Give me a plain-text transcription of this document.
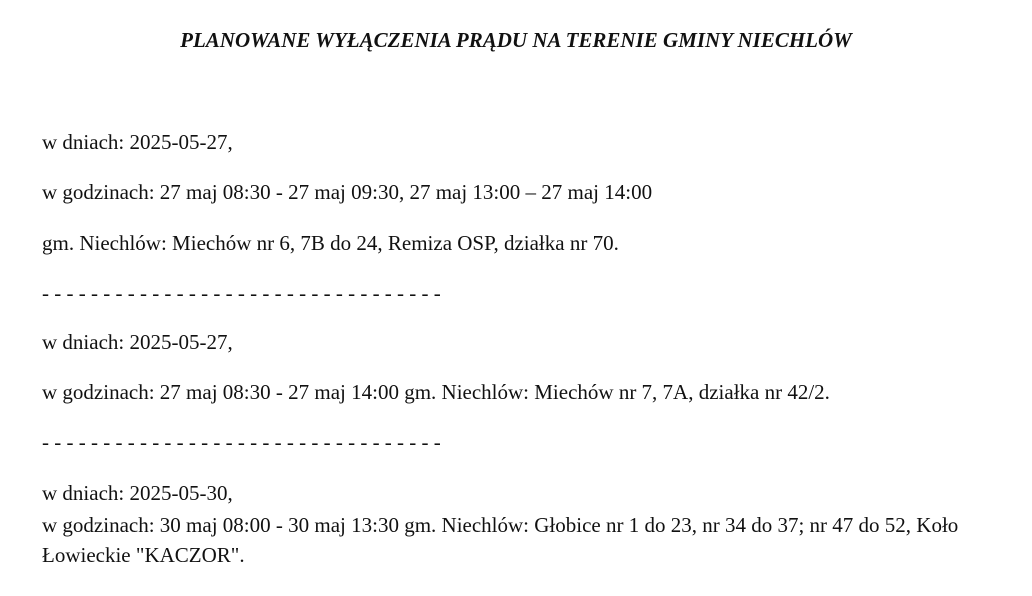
PLANOWANE WYŁĄCZENIA PRĄDU NA TERENIE GMINY NIECHLÓW
w dniach: 2025-05-27,
w godzinach: 27 maj 08:30 - 27 maj 09:30, 27 maj 13:00 – 27 maj 14:00
gm. Niechlów: Miechów nr 6, 7B do 24, Remiza OSP, działka nr 70.
- - - - - - - - - - - - - - - - - - - - - - - - - - - - - - - - -
w dniach: 2025-05-27,
w godzinach: 27 maj 08:30 - 27 maj 14:00 gm. Niechlów: Miechów nr 7, 7A, działka nr 42/2.
- - - - - - - - - - - - - - - - - - - - - - - - - - - - - - - - -
w dniach: 2025-05-30,
w godzinach: 30 maj 08:00 - 30 maj 13:30 gm. Niechlów: Głobice nr 1 do 23, nr 34 do 37; nr 47 do 52, Koło Łowieckie "KACZOR".
